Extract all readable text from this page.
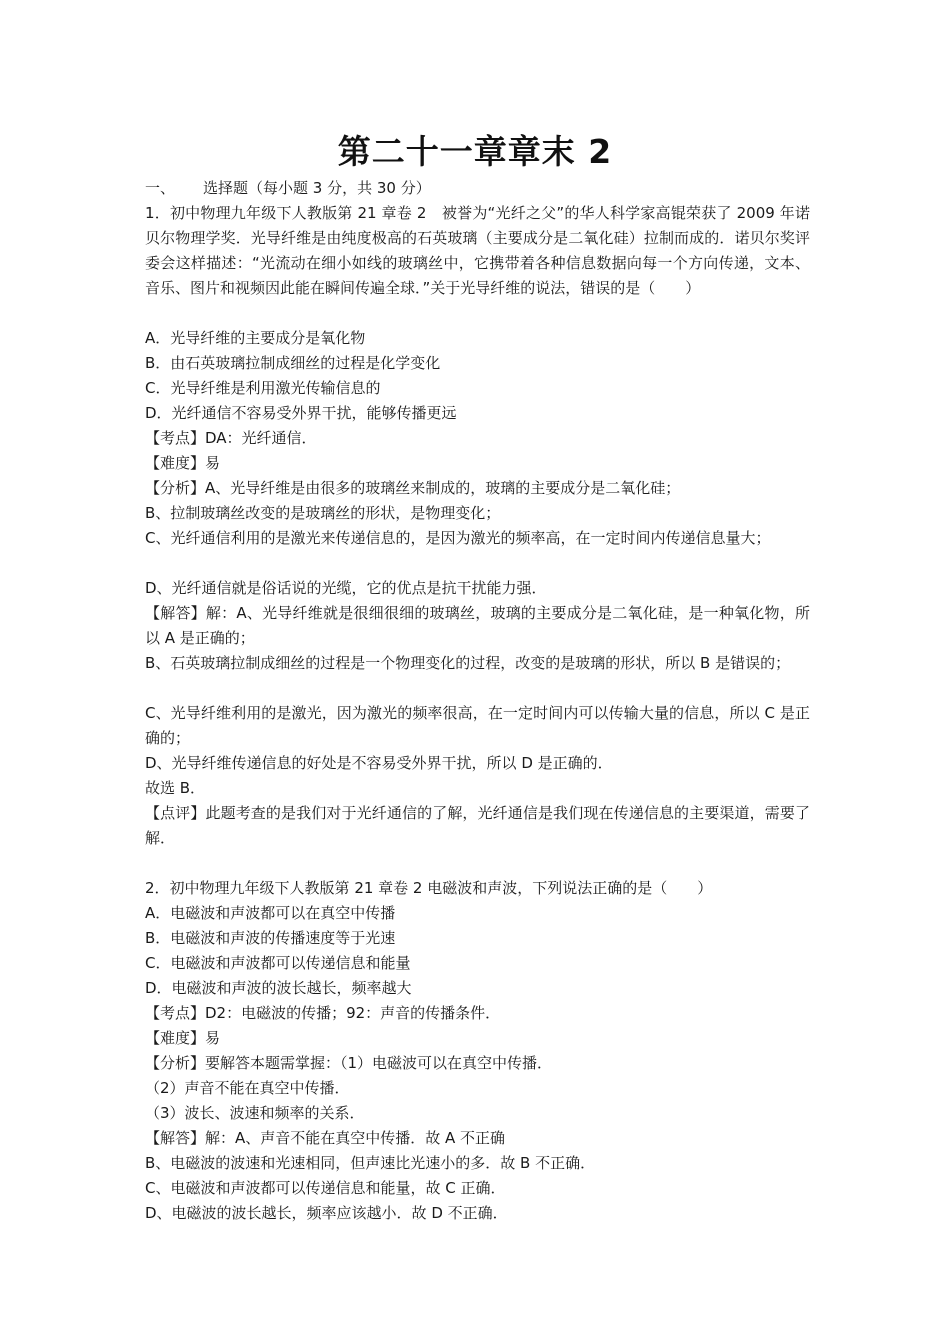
第二十一章章末 2
一、 选择题（每小题 3 分，共 30 分）
1．初中物理九年级下人教版第 21 章卷 2　被誉为“光纤之父”的华人科学家高锟荣获了 2009 年诺贝尔物理学奖．光导纤维是由纯度极高的石英玻璃（主要成分是二氧化硅）拉制而成的．诺贝尔奖评委会这样描述：“光流动在细小如线的玻璃丝中，它携带着各种信息数据向每一个方向传递，文本、音乐、图片和视频因此能在瞬间传遍全球．”关于光导纤维的说法，错误的是（　　）
A．光导纤维的主要成分是氧化物
B．由石英玻璃拉制成细丝的过程是化学变化
C．光导纤维是利用激光传输信息的
D．光纤通信不容易受外界干扰，能够传播更远
【考点】DA：光纤通信．
【难度】易
【分析】A、光导纤维是由很多的玻璃丝来制成的，玻璃的主要成分是二氧化硅；
B、拉制玻璃丝改变的是玻璃丝的形状，是物理变化；
C、光纤通信利用的是激光来传递信息的，是因为激光的频率高，在一定时间内传递信息量大；
D、光纤通信就是俗话说的光缆，它的优点是抗干扰能力强．
【解答】解：A、光导纤维就是很细很细的玻璃丝，玻璃的主要成分是二氧化硅，是一种氧化物，所以 A 是正确的；
B、石英玻璃拉制成细丝的过程是一个物理变化的过程，改变的是玻璃的形状，所以 B 是错误的；
C、光导纤维利用的是激光，因为激光的频率很高，在一定时间内可以传输大量的信息，所以 C 是正确的；
D、光导纤维传递信息的好处是不容易受外界干扰，所以 D 是正确的．
故选 B．
【点评】此题考查的是我们对于光纤通信的了解，光纤通信是我们现在传递信息的主要渠道，需要了解．
2．初中物理九年级下人教版第 21 章卷 2 电磁波和声波，下列说法正确的是（　　）
A．电磁波和声波都可以在真空中传播
B．电磁波和声波的传播速度等于光速
C．电磁波和声波都可以传递信息和能量
D．电磁波和声波的波长越长，频率越大
【考点】D2：电磁波的传播；92：声音的传播条件．
【难度】易
【分析】要解答本题需掌握：（1）电磁波可以在真空中传播．
（2）声音不能在真空中传播．
（3）波长、波速和频率的关系．
【解答】解：A、声音不能在真空中传播．故 A 不正确
B、电磁波的波速和光速相同，但声速比光速小的多．故 B 不正确．
C、电磁波和声波都可以传递信息和能量，故 C 正确．
D、电磁波的波长越长，频率应该越小．故 D 不正确．
